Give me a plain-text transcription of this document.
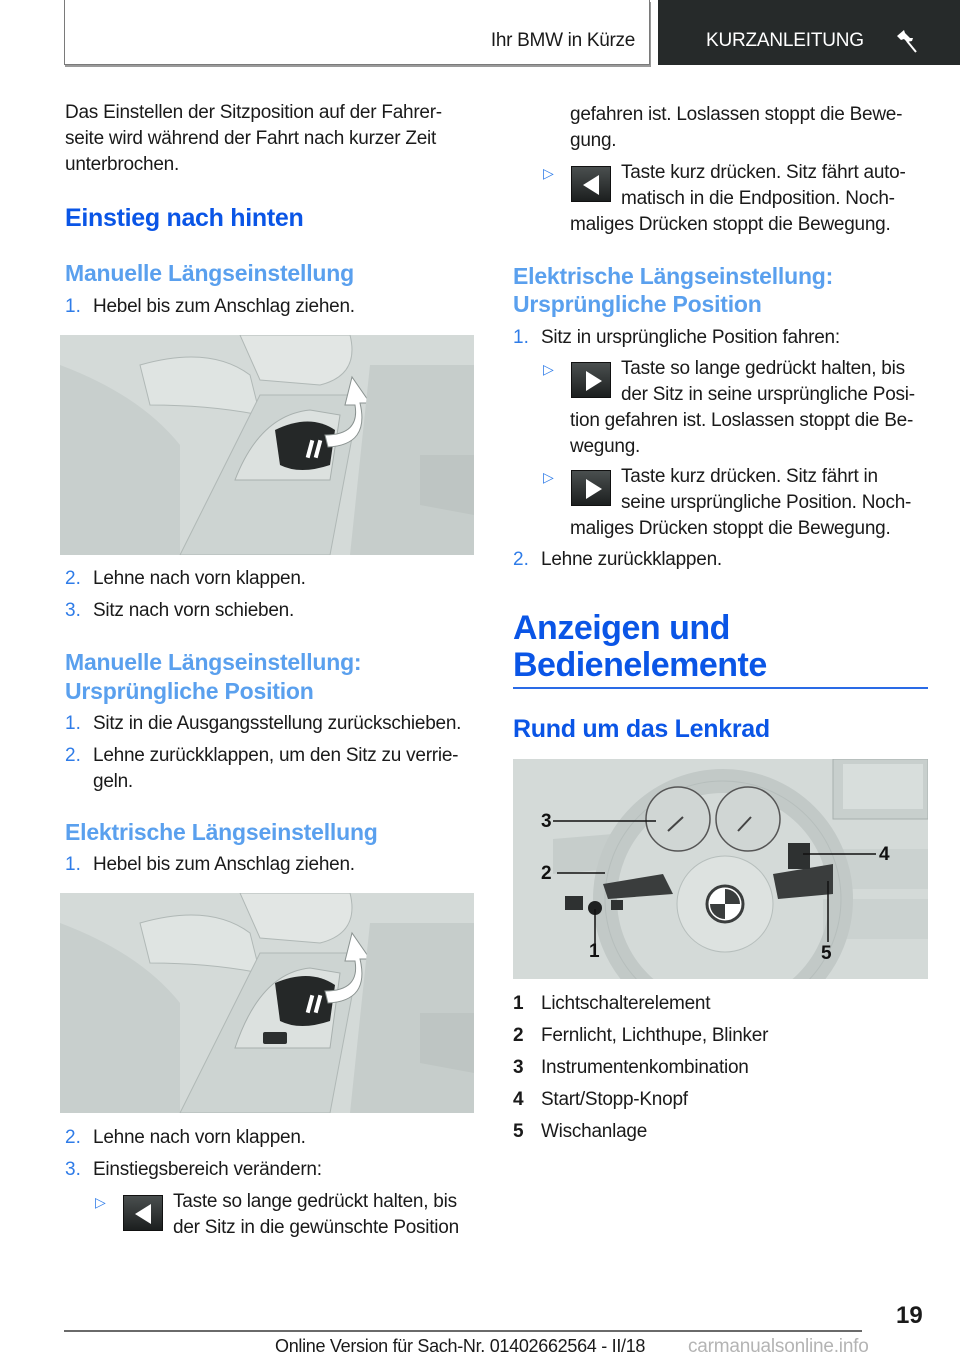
Ihr BMW in Kürze	KURZANLEITUNG

Das Einstellen der Sitzposition auf der Fahrer-

seite wird während der Fahrt nach kurzer Zeit

unterbrochen.

Einstieg nach hinten
Manuelle Längseinstellung
1. Hebel bis zum Anschlag ziehen.
2. Lehne nach vorn klappen.
3. Sitz nach vorn schieben.
Manuelle Längseinstellung:
Ursprüngliche Position
1. Sitz in die Ausgangsstellung zurückschieben.
2. Lehne zurückklappen, um den Sitz zu verrie-
geln.
Elektrische Längseinstellung
1. Hebel bis zum Anschlag ziehen.
2. Lehne nach vorn klappen.
3. Einstiegsbereich verändern:
▷	Taste so lange gedrückt halten, bis
der Sitz in die gewünschte Position
gefahren ist. Loslassen stoppt die Bewe-
gung.
▷	Taste kurz drücken. Sitz fährt auto-
matisch in die Endposition. Noch-
maliges Drücken stoppt die Bewegung.
Elektrische Längseinstellung:
Ursprüngliche Position
1. Sitz in ursprüngliche Position fahren:
▷	Taste so lange gedrückt halten, bis
der Sitz in seine ursprüngliche Posi-
tion gefahren ist. Loslassen stoppt die Be-
wegung.
▷	Taste kurz drücken. Sitz fährt in
seine ursprüngliche Position. Noch-
maliges Drücken stoppt die Bewegung.
2. Lehne zurückklappen.
Anzeigen und
Bedienelemente
Rund um das Lenkrad
3
2
1
4
5
1 Lichtschalterelement
2 Fernlicht, Lichthupe, Blinker
3 Instrumentenkombination
4 Start/Stopp-Knopf
5 Wischanlage
19
Online Version für Sach-Nr. 01402662564 - II/18 carmanualsonline.info
